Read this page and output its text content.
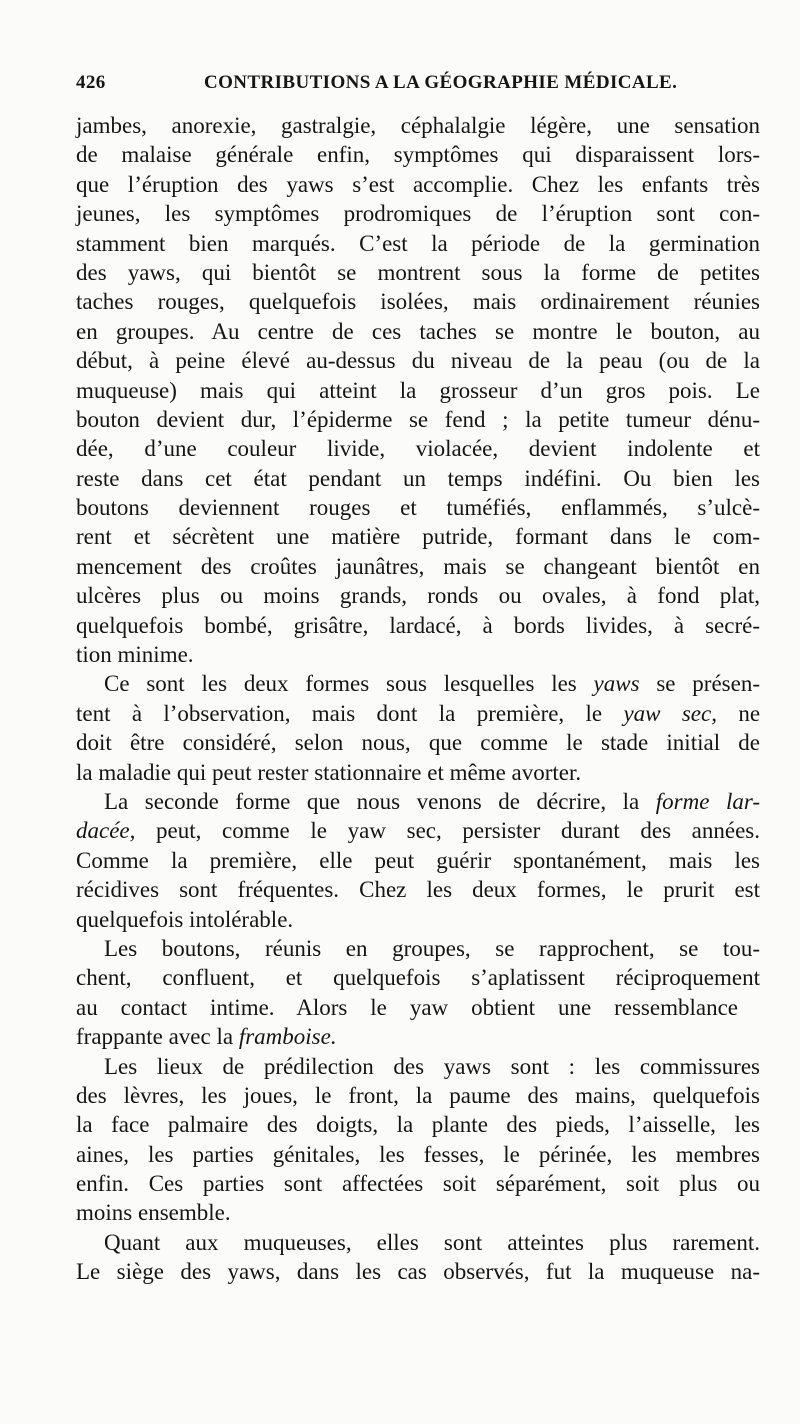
426	CONTRIBUTIONS A LA GÉOGRAPHIE MÉDICALE.
jambes, anorexie, gastralgie, céphalalgie légère, une sensation
de malaise générale enfin, symptômes qui disparaissent lors-
que l’éruption des yaws s’est accomplie. Chez les enfants très
jeunes, les symptômes prodromiques de l’éruption sont con-
stamment bien marqués. C’est la période de la germination
des yaws, qui bientôt se montrent sous la forme de petites
taches rouges, quelquefois isolées, mais ordinairement réunies
en groupes. Au centre de ces taches se montre le bouton, au
début, à peine élevé au-dessus du niveau de la peau (ou de la
muqueuse) mais qui atteint la grosseur d’un gros pois. Le
bouton devient dur, l’épiderme se fend ; la petite tumeur dénu-
dée, d’une couleur livide, violacée, devient indolente et
reste dans cet état pendant un temps indéfini. Ou bien les
boutons deviennent rouges et tuméfiés, enflammés, s’ulcè-
rent et sécrètent une matière putride, formant dans le com-
mencement des croûtes jaunâtres, mais se changeant bientôt en
ulcères plus ou moins grands, ronds ou ovales, à fond plat,
quelquefois bombé, grisâtre, lardacé, à bords livides, à secré-
tion minime.
Ce sont les deux formes sous lesquelles les yaws se présen-
tent à l’observation, mais dont la première, le yaw sec, ne
doit être considéré, selon nous, que comme le stade initial de
la maladie qui peut rester stationnaire et même avorter.
La seconde forme que nous venons de décrire, la forme lar-
dacée, peut, comme le yaw sec, persister durant des années.
Comme la première, elle peut guérir spontanément, mais les
récidives sont fréquentes. Chez les deux formes, le prurit est
quelquefois intolérable.
Les boutons, réunis en groupes, se rapprochent, se tou-
chent, confluent, et quelquefois s’aplatissent réciproquement
au contact intime. Alors le yaw obtient une ressemblance
frappante avec la framboise.
Les lieux de prédilection des yaws sont : les commissures
des lèvres, les joues, le front, la paume des mains, quelquefois
la face palmaire des doigts, la plante des pieds, l’aisselle, les
aines, les parties génitales, les fesses, le périnée, les membres
enfin. Ces parties sont affectées soit séparément, soit plus ou
moins ensemble.
Quant aux muqueuses, elles sont atteintes plus rarement.
Le siège des yaws, dans les cas observés, fut la muqueuse na-
